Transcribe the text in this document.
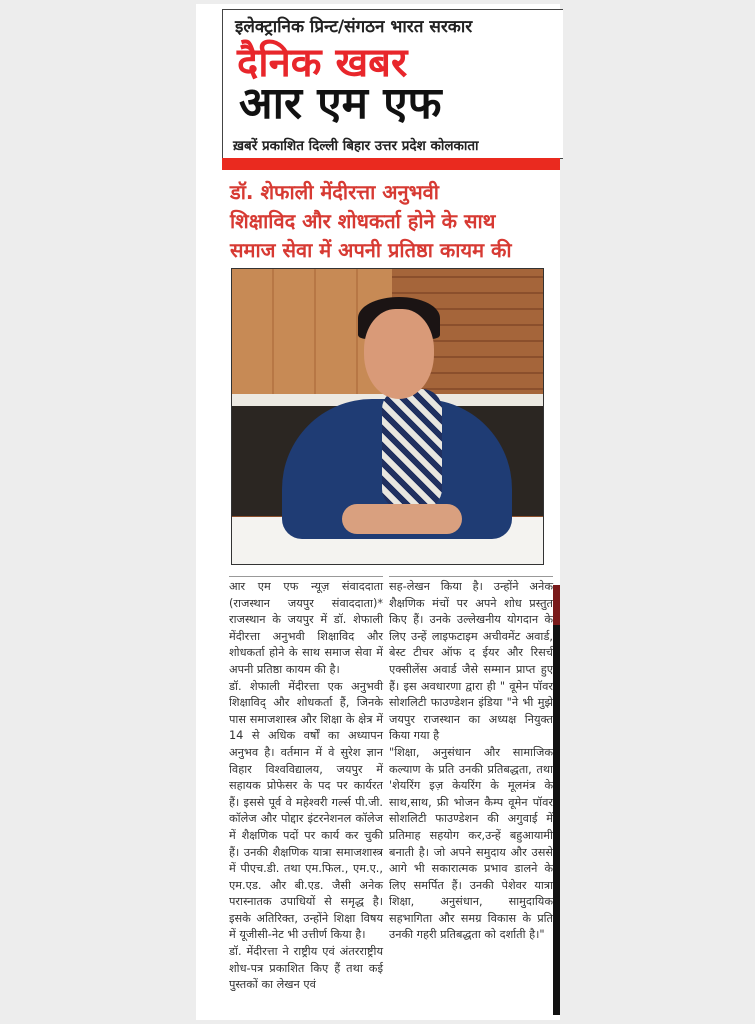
इलेक्ट्रानिक प्रिन्ट/संगठन भारत सरकार
दैनिक खबर
आर एम एफ
ख़बरें प्रकाशित दिल्ली बिहार उत्तर प्रदेश कोलकाता
डॉ. शेफाली मेंदीरत्ता अनुभवी
शिक्षाविद और शोधकर्ता होने के साथ
समाज सेवा में अपनी प्रतिष्ठा कायम की

आर एम एफ न्यूज़ संवाददाता (राजस्थान जयपुर संवाददाता)* राजस्थान के जयपुर में डॉ. शेफाली मेंदीरत्ता अनुभवी शिक्षाविद और शोधकर्ता होने के साथ समाज सेवा में अपनी प्रतिष्ठा कायम की है।

डॉ. शेफाली मेंदीरत्ता एक अनुभवी शिक्षाविद् और शोधकर्ता हैं, जिनके पास समाजशास्त्र और शिक्षा के क्षेत्र में 14 से अधिक वर्षों का अध्यापन अनुभव है। वर्तमान में वे सुरेश ज्ञान विहार विश्वविद्यालय, जयपुर में सहायक प्रोफेसर के पद पर कार्यरत हैं। इससे पूर्व वे महेश्वरी गर्ल्स पी.जी. कॉलेज और पोद्दार इंटरनेशनल कॉलेज में शैक्षणिक पदों पर कार्य कर चुकी हैं। उनकी शैक्षणिक यात्रा समाजशास्त्र में पीएच.डी. तथा एम.फिल., एम.ए., एम.एड. और बी.एड. जैसी अनेक परास्नातक उपाधियों से समृद्ध है। इसके अतिरिक्त, उन्होंने शिक्षा विषय में यूजीसी-नेट भी उत्तीर्ण किया है।

डॉ. मेंदीरत्ता ने राष्ट्रीय एवं अंतरराष्ट्रीय शोध-पत्र प्रकाशित किए हैं तथा कई पुस्तकों का लेखन एवं

सह-लेखन किया है। उन्होंने अनेक शैक्षणिक मंचों पर अपने शोध प्रस्तुत किए हैं। उनके उल्लेखनीय योगदान के लिए उन्हें लाइफटाइम अचीवमेंट अवार्ड, बेस्ट टीचर ऑफ द ईयर और रिसर्च एक्सीलेंस अवार्ड जैसे सम्मान प्राप्त हुए हैं। इस अवधारणा द्वारा ही " वूमेन पॉवर सोशलिटी फाउण्डेशन इंडिया "ने भी मुझे जयपुर राजस्थान का अध्यक्ष नियुक्त किया गया है

"शिक्षा, अनुसंधान और सामाजिक कल्याण के प्रति उनकी प्रतिबद्धता, तथा 'शेयरिंग इज़ केयरिंग के मूलमंत्र के साथ,साथ, फ्री भोजन कैम्प वूमेन पॉवर सोशलिटी फाउण्डेशन की अगुवाई में प्रतिमाह सहयोग कर,उन्हें बहुआयामी बनाती है। जो अपने समुदाय और उससे आगे भी सकारात्मक प्रभाव डालने के लिए समर्पित हैं। उनकी पेशेवर यात्रा शिक्षा, अनुसंधान, सामुदायिक सहभागिता और समग्र विकास के प्रति उनकी गहरी प्रतिबद्धता को दर्शाती है।"
